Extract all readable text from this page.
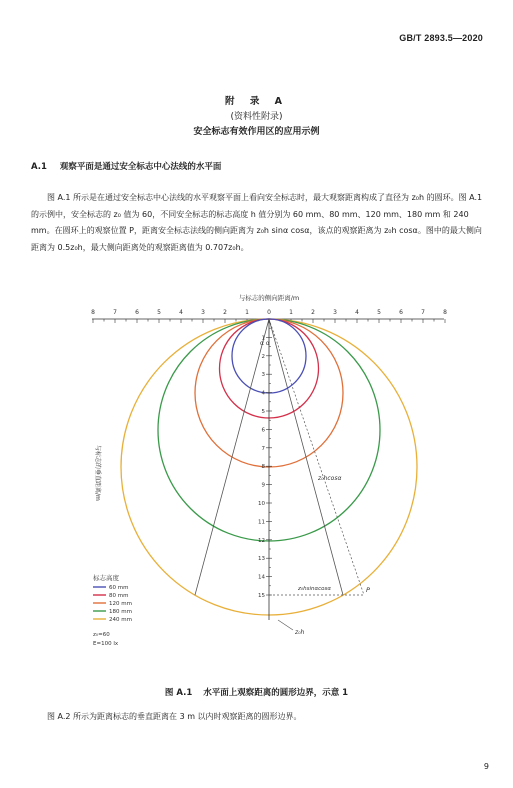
GB/T 2893.5—2020
附 录 A
(资料性附录)
安全标志有效作用区的应用示例
A.1 观察平面是通过安全标志中心法线的水平面
图 A.1 所示是在通过安全标志中心法线的水平观察平面上看向安全标志时，最大观察距离构成了直径为 z₀h 的圆环。图 A.1 的示例中，安全标志的 z₀ 值为 60，不同安全标志的标志高度 h 值分别为 60 mm、80 mm、120 mm、180 mm 和 240 mm。在圆环上的观察位置 P，距离安全标志法线的侧向距离为 z₀h sinα cosα，该点的观察距离为 z₀h cosα。图中的最大侧向距离为 0.5z₀h，最大侧向距离处的观察距离值为 0.707z₀h。
与标志的侧向距离/m
8	7	6	5	4	3	2	1	0	1	2	3	4	5	6	7	8
1
2
3
4
5
6
7
8
9
10
11
12
13
14
15
α α
z₀hcosα
z₀hsinαcosα	P
z₀h
与标志的垂直距离/m
标志高度
60 mm
80 mm
120 mm
180 mm
240 mm
z₀=60
E=100 lx
图 A.1 水平面上观察距离的圆形边界，示意 1
图 A.2 所示为距离标志的垂直距离在 3 m 以内时观察距离的圆形边界。
9
